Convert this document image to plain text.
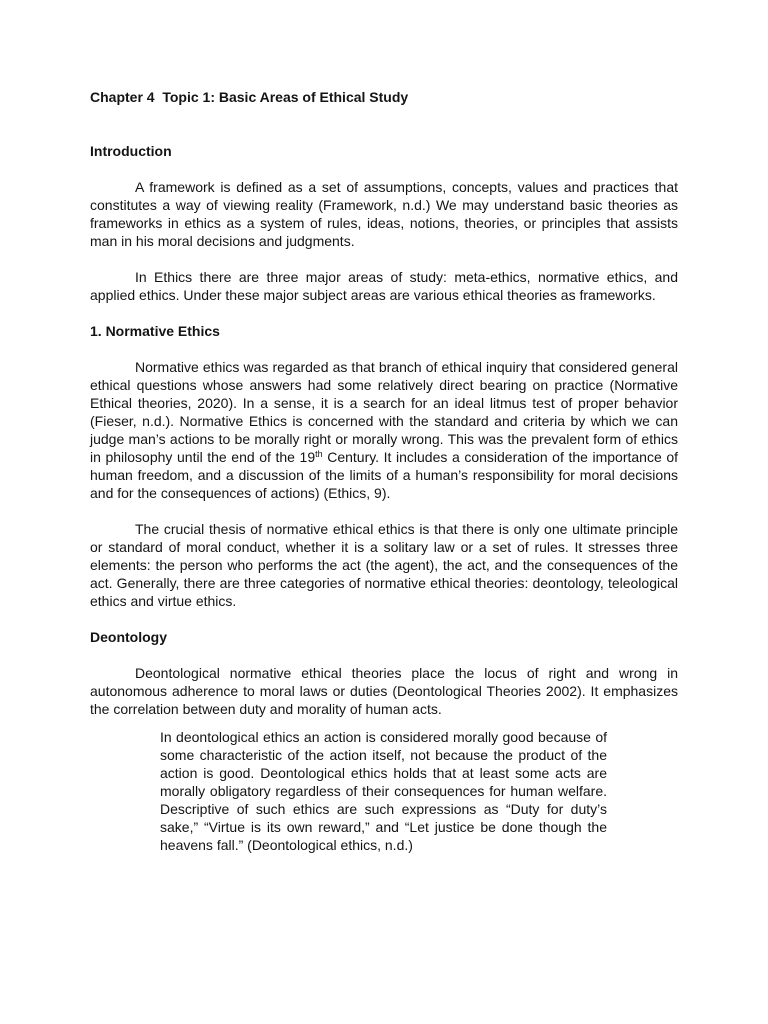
Chapter 4  Topic 1: Basic Areas of Ethical Study
Introduction

A framework is defined as a set of assumptions, concepts, values and practices that constitutes a way of viewing reality (Framework, n.d.) We may understand basic theories as frameworks in ethics as a system of rules, ideas, notions, theories, or principles that assists man in his moral decisions and judgments.

In Ethics there are three major areas of study: meta-ethics, normative ethics, and applied ethics. Under these major subject areas are various ethical theories as frameworks.

1. Normative Ethics

Normative ethics was regarded as that branch of ethical inquiry that considered general ethical questions whose answers had some relatively direct bearing on practice (Normative Ethical theories, 2020). In a sense, it is a search for an ideal litmus test of proper behavior (Fieser, n.d.). Normative Ethics is concerned with the standard and criteria by which we can judge man’s actions to be morally right or morally wrong. This was the prevalent form of ethics in philosophy until the end of the 19th Century. It includes a consideration of the importance of human freedom, and a discussion of the limits of a human’s responsibility for moral decisions and for the consequences of actions) (Ethics, 9).

The crucial thesis of normative ethical ethics is that there is only one ultimate principle or standard of moral conduct, whether it is a solitary law or a set of rules. It stresses three elements: the person who performs the act (the agent), the act, and the consequences of the act. Generally, there are three categories of normative ethical theories: deontology, teleological ethics and virtue ethics.

Deontology

Deontological normative ethical theories place the locus of right and wrong in autonomous adherence to moral laws or duties (Deontological Theories 2002). It emphasizes the correlation between duty and morality of human acts.

In deontological ethics an action is considered morally good because of some characteristic of the action itself, not because the product of the action is good. Deontological ethics holds that at least some acts are morally obligatory regardless of their consequences for human welfare. Descriptive of such ethics are such expressions as “Duty for duty’s sake,” “Virtue is its own reward,” and “Let justice be done though the heavens fall.” (Deontological ethics, n.d.)
